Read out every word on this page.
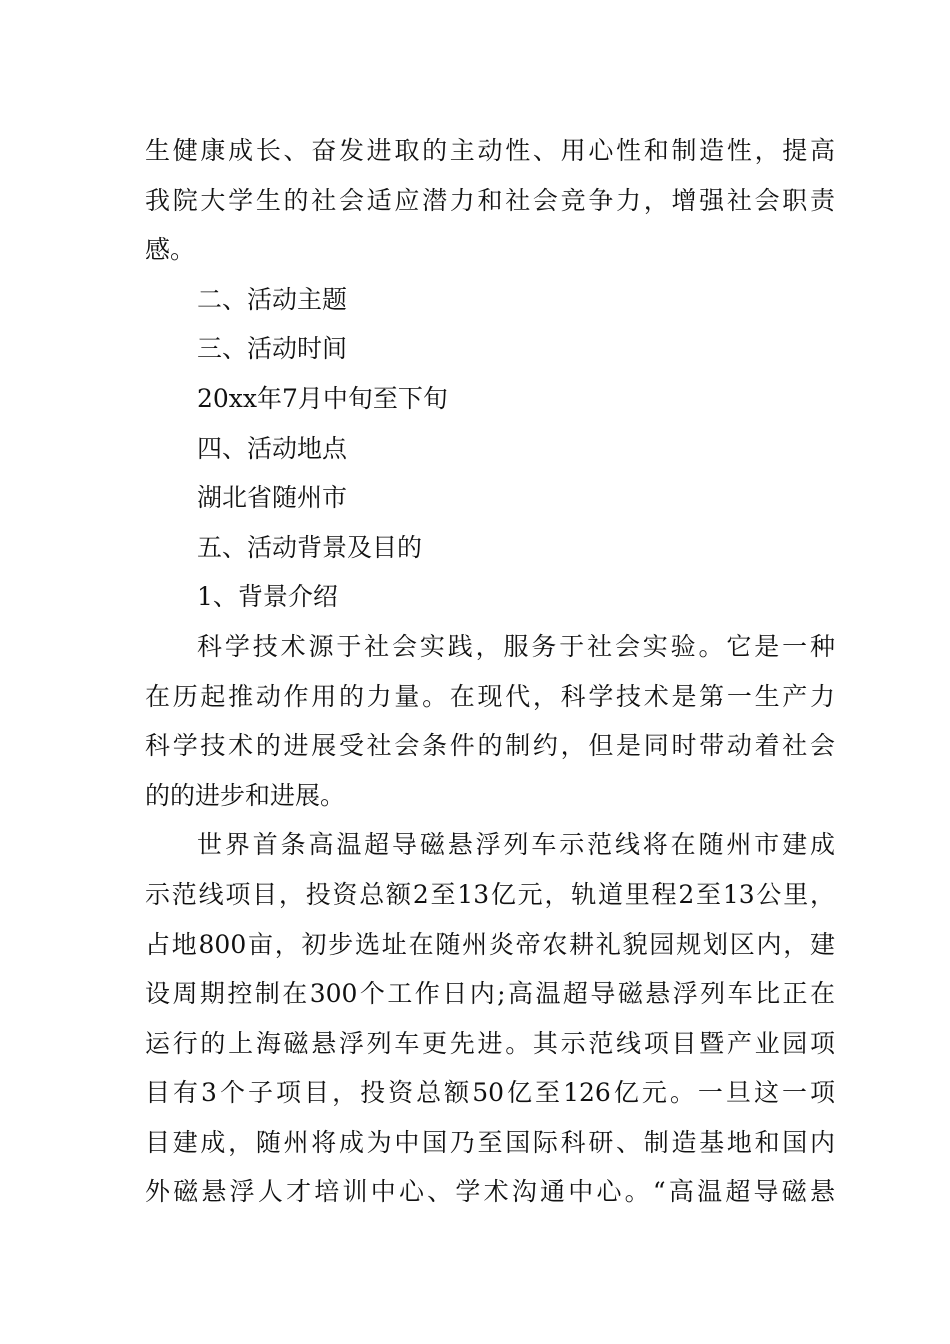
生健康成长、奋发进取的主动性、用心性和制造性，提高
我院大学生的社会适应潜力和社会竞争力，增强社会职责
感。
二、活动主题
三、活动时间
20xx年7月中旬至下旬
四、活动地点
湖北省随州市
五、活动背景及目的
1、背景介绍
科学技术源于社会实践，服务于社会实验。它是一种
在历起推动作用的力量。在现代，科学技术是第一生产力
科学技术的进展受社会条件的制约，但是同时带动着社会
的的进步和进展。
世界首条高温超导磁悬浮列车示范线将在随州市建成
示范线项目，投资总额2至13亿元，轨道里程2至13公里，
占地800亩，初步选址在随州炎帝农耕礼貌园规划区内，建
设周期控制在300个工作日内;高温超导磁悬浮列车比正在
运行的上海磁悬浮列车更先进。其示范线项目暨产业园项
目有3个子项目，投资总额50亿至126亿元。一旦这一项
目建成，随州将成为中国乃至国际科研、制造基地和国内
外磁悬浮人才培训中心、学术沟通中心。“高温超导磁悬
